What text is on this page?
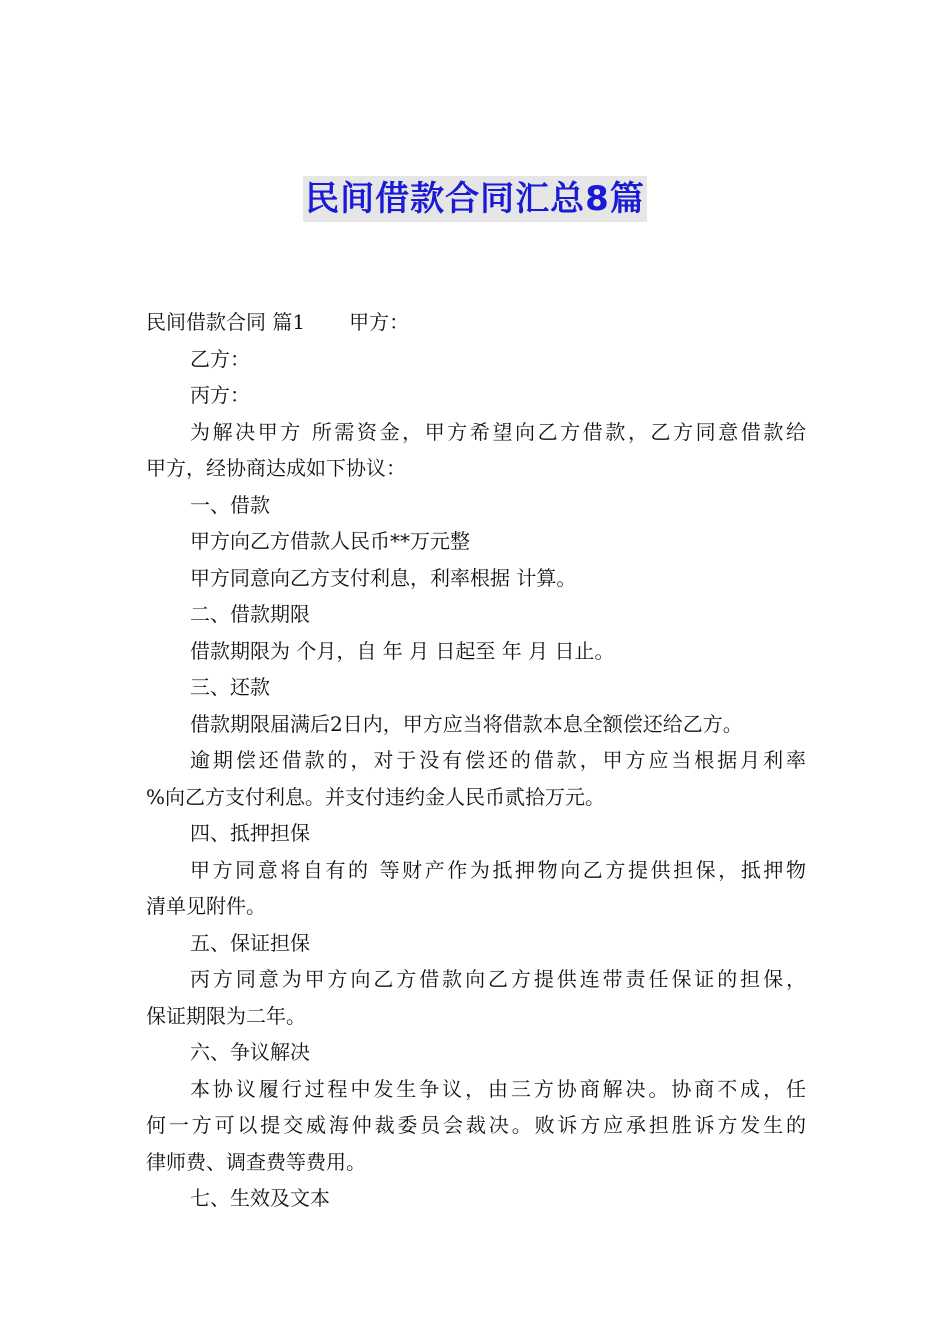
民间借款合同汇总8篇
民间借款合同 篇1 甲方：
乙方：
丙方：
为解决甲方 所需资金，甲方希望向乙方借款，乙方同意借款给
甲方，经协商达成如下协议：
一、借款
甲方向乙方借款人民币**万元整
甲方同意向乙方支付利息，利率根据 计算。
二、借款期限
借款期限为 个月，自 年 月 日起至 年 月 日止。
三、还款
借款期限届满后2日内，甲方应当将借款本息全额偿还给乙方。
逾期偿还借款的，对于没有偿还的借款，甲方应当根据月利率
%向乙方支付利息。并支付违约金人民币贰拾万元。
四、抵押担保
甲方同意将自有的 等财产作为抵押物向乙方提供担保，抵押物
清单见附件。
五、保证担保
丙方同意为甲方向乙方借款向乙方提供连带责任保证的担保，
保证期限为二年。
六、争议解决
本协议履行过程中发生争议，由三方协商解决。协商不成，任
何一方可以提交威海仲裁委员会裁决。败诉方应承担胜诉方发生的
律师费、调查费等费用。
七、生效及文本
